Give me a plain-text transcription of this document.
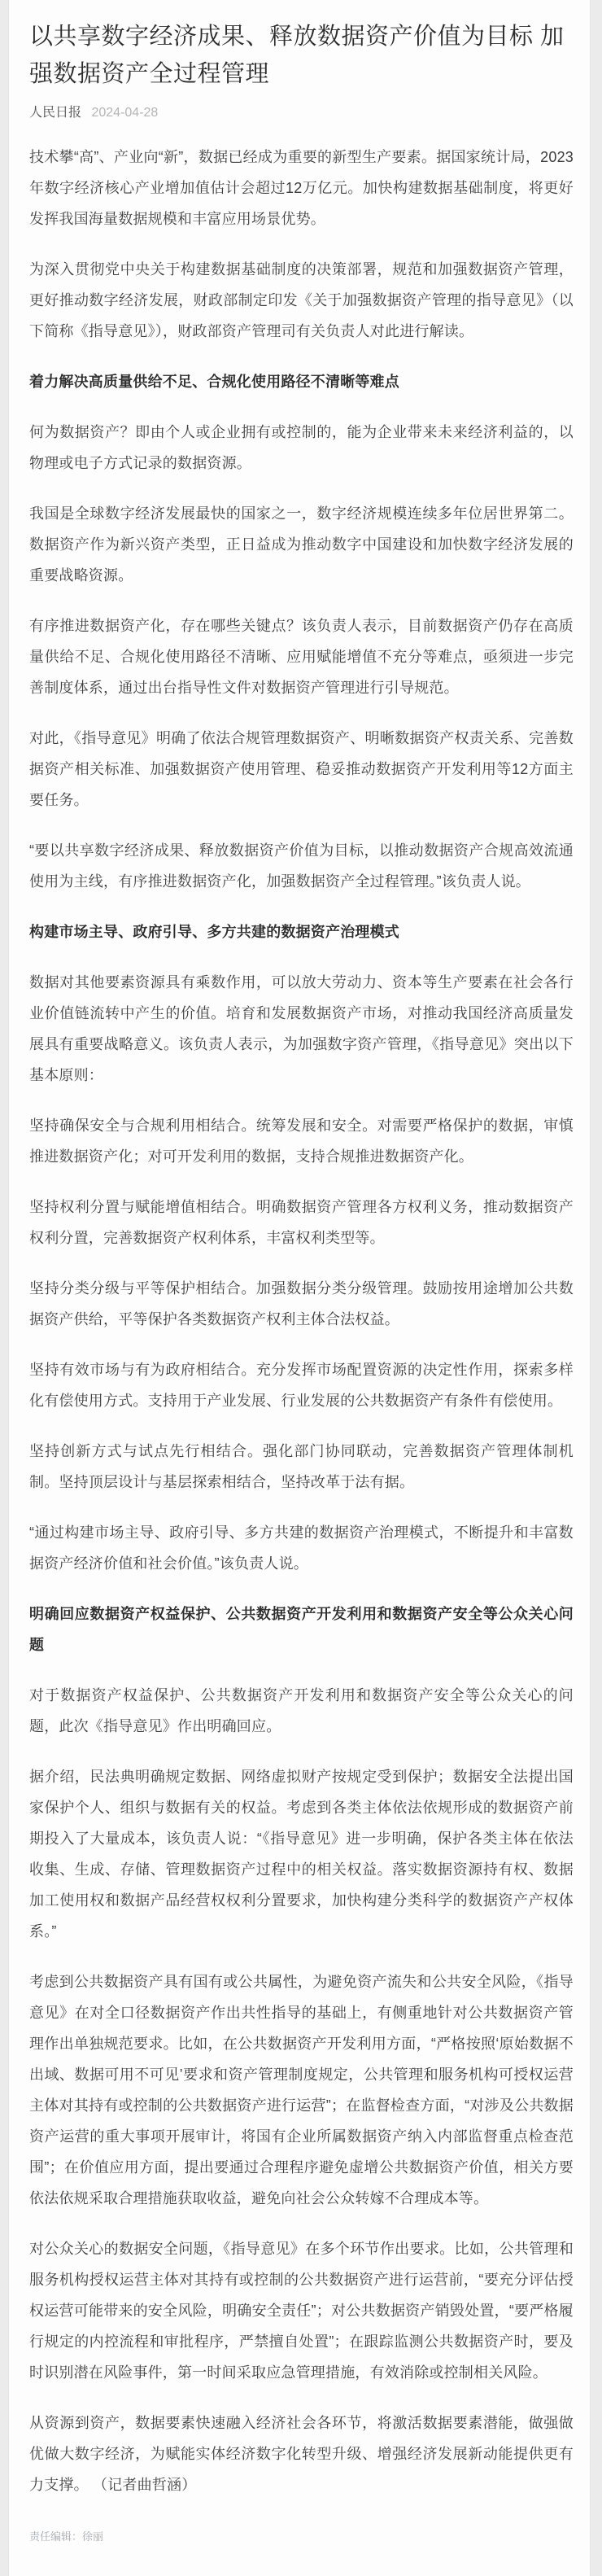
以共享数字经济成果、释放数据资产价值为目标 加强数据资产全过程管理
人民日报 2024-04-28

技术攀“高”、产业向“新”，数据已经成为重要的新型生产要素。据国家统计局，2023年数字经济核心产业增加值估计会超过12万亿元。加快构建数据基础制度，将更好发挥我国海量数据规模和丰富应用场景优势。

为深入贯彻党中央关于构建数据基础制度的决策部署，规范和加强数据资产管理，更好推动数字经济发展，财政部制定印发《关于加强数据资产管理的指导意见》（以下简称《指导意见》），财政部资产管理司有关负责人对此进行解读。

着力解决高质量供给不足、合规化使用路径不清晰等难点

何为数据资产？即由个人或企业拥有或控制的，能为企业带来未来经济利益的，以物理或电子方式记录的数据资源。

我国是全球数字经济发展最快的国家之一，数字经济规模连续多年位居世界第二。数据资产作为新兴资产类型，正日益成为推动数字中国建设和加快数字经济发展的重要战略资源。

有序推进数据资产化，存在哪些关键点？该负责人表示，目前数据资产仍存在高质量供给不足、合规化使用路径不清晰、应用赋能增值不充分等难点，亟须进一步完善制度体系，通过出台指导性文件对数据资产管理进行引导规范。

对此，《指导意见》明确了依法合规管理数据资产、明晰数据资产权责关系、完善数据资产相关标准、加强数据资产使用管理、稳妥推动数据资产开发利用等12方面主要任务。

“要以共享数字经济成果、释放数据资产价值为目标，以推动数据资产合规高效流通使用为主线，有序推进数据资产化，加强数据资产全过程管理。”该负责人说。

构建市场主导、政府引导、多方共建的数据资产治理模式

数据对其他要素资源具有乘数作用，可以放大劳动力、资本等生产要素在社会各行业价值链流转中产生的价值。培育和发展数据资产市场，对推动我国经济高质量发展具有重要战略意义。该负责人表示，为加强数字资产管理，《指导意见》突出以下基本原则：

坚持确保安全与合规利用相结合。统筹发展和安全。对需要严格保护的数据，审慎推进数据资产化；对可开发利用的数据，支持合规推进数据资产化。

坚持权利分置与赋能增值相结合。明确数据资产管理各方权利义务，推动数据资产权利分置，完善数据资产权利体系，丰富权利类型等。

坚持分类分级与平等保护相结合。加强数据分类分级管理。鼓励按用途增加公共数据资产供给，平等保护各类数据资产权利主体合法权益。

坚持有效市场与有为政府相结合。充分发挥市场配置资源的决定性作用，探索多样化有偿使用方式。支持用于产业发展、行业发展的公共数据资产有条件有偿使用。

坚持创新方式与试点先行相结合。强化部门协同联动，完善数据资产管理体制机制。坚持顶层设计与基层探索相结合，坚持改革于法有据。

“通过构建市场主导、政府引导、多方共建的数据资产治理模式，不断提升和丰富数据资产经济价值和社会价值。”该负责人说。

明确回应数据资产权益保护、公共数据资产开发利用和数据资产安全等公众关心问题

对于数据资产权益保护、公共数据资产开发利用和数据资产安全等公众关心的问题，此次《指导意见》作出明确回应。

据介绍，民法典明确规定数据、网络虚拟财产按规定受到保护；数据安全法提出国家保护个人、组织与数据有关的权益。考虑到各类主体依法依规形成的数据资产前期投入了大量成本，该负责人说：“《指导意见》进一步明确，保护各类主体在依法收集、生成、存储、管理数据资产过程中的相关权益。落实数据资源持有权、数据加工使用权和数据产品经营权权利分置要求，加快构建分类科学的数据资产产权体系。”

考虑到公共数据资产具有国有或公共属性，为避免资产流失和公共安全风险，《指导意见》在对全口径数据资产作出共性指导的基础上，有侧重地针对公共数据资产管理作出单独规范要求。比如，在公共数据资产开发利用方面，“严格按照‘原始数据不出域、数据可用不可见’要求和资产管理制度规定，公共管理和服务机构可授权运营主体对其持有或控制的公共数据资产进行运营”；在监督检查方面，“对涉及公共数据资产运营的重大事项开展审计，将国有企业所属数据资产纳入内部监督重点检查范围”；在价值应用方面，提出要通过合理程序避免虚增公共数据资产价值，相关方要依法依规采取合理措施获取收益，避免向社会公众转嫁不合理成本等。

对公众关心的数据安全问题，《指导意见》在多个环节作出要求。比如，公共管理和服务机构授权运营主体对其持有或控制的公共数据资产进行运营前，“要充分评估授权运营可能带来的安全风险，明确安全责任”；对公共数据资产销毁处置，“要严格履行规定的内控流程和审批程序，严禁擅自处置”；在跟踪监测公共数据资产时，要及时识别潜在风险事件，第一时间采取应急管理措施，有效消除或控制相关风险。

从资源到资产，数据要素快速融入经济社会各环节，将激活数据要素潜能，做强做优做大数字经济，为赋能实体经济数字化转型升级、增强经济发展新动能提供更有力支撑。 （记者曲哲涵）

责任编辑：徐丽
